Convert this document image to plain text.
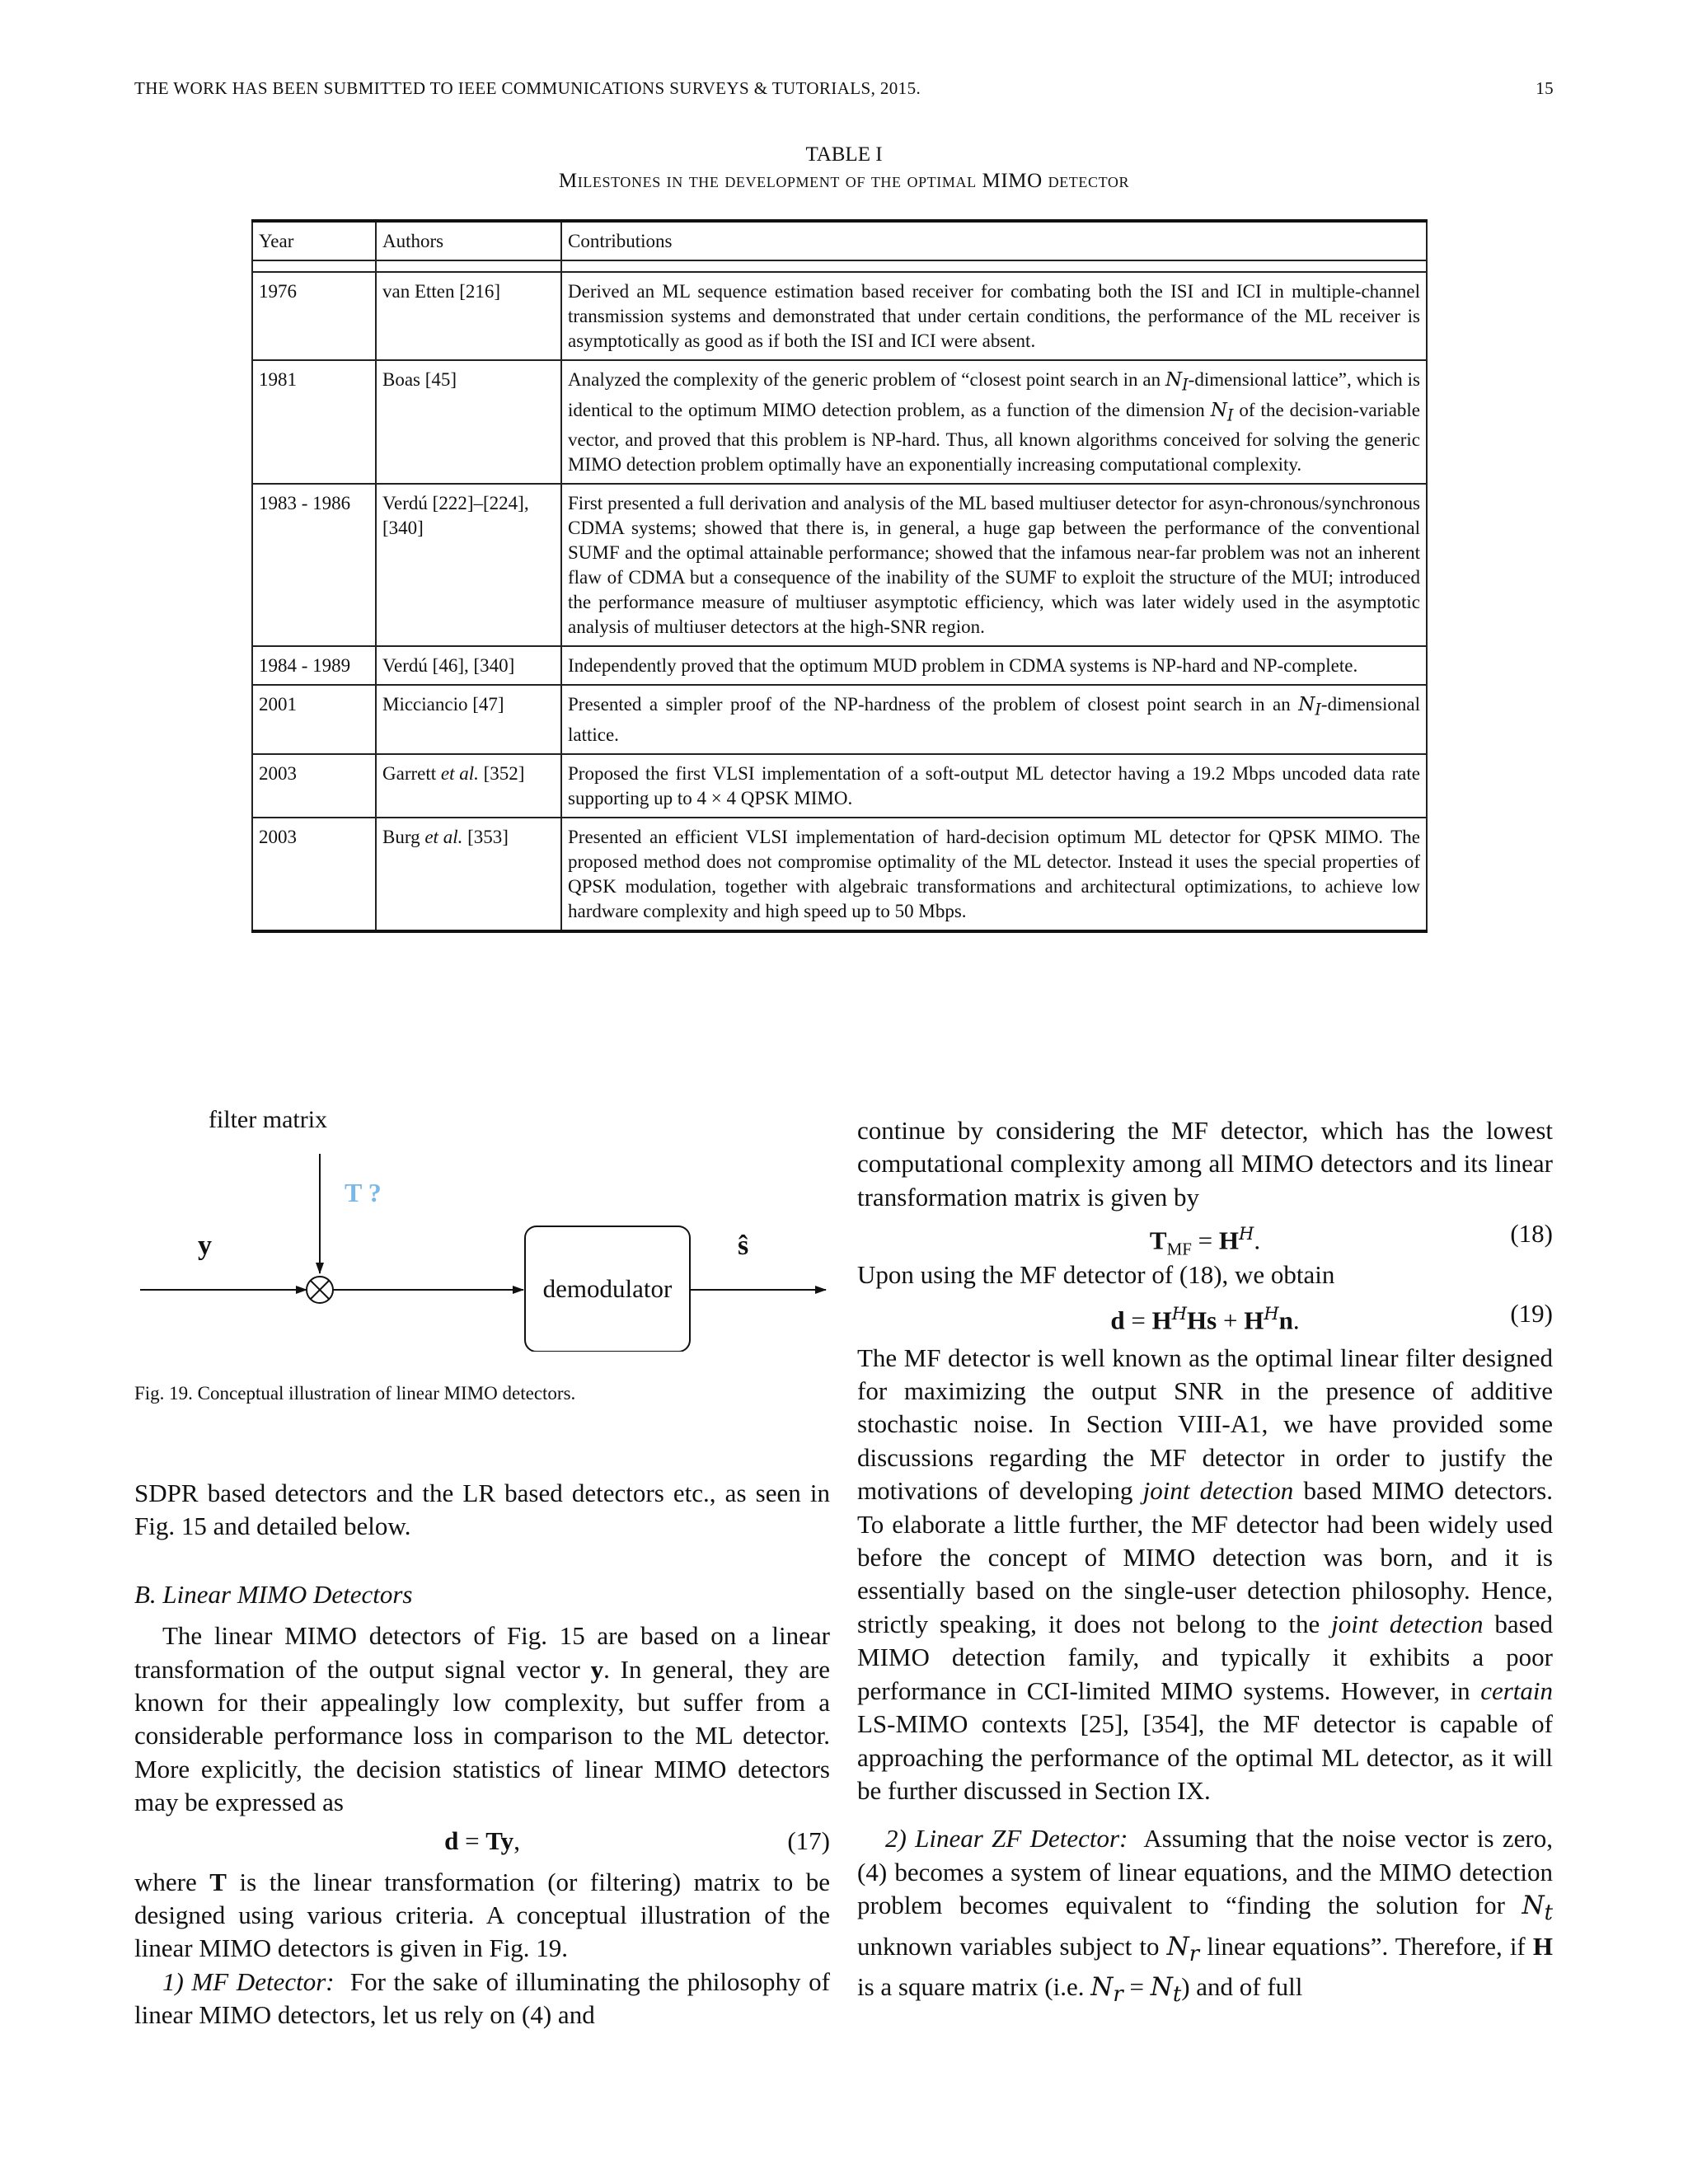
THE WORK HAS BEEN SUBMITTED TO IEEE COMMUNICATIONS SURVEYS & TUTORIALS, 2015.	15
TABLE I
Milestones in the development of the optimal MIMO detector
Year	Authors	Contributions

1976	van Etten [216]	Derived an ML sequence estimation based receiver for combating both the ISI and ICI in multiple-channel transmission systems and demonstrated that under certain conditions, the performance of the ML receiver is asymptotically as good as if both the ISI and ICI were absent.
1981	Boas [45]	Analyzed the complexity of the generic problem of “closest point search in an $N_I$-dimensional lattice”, which is identical to the optimum MIMO detection problem, as a function of the dimension $N_I$ of the decision-variable vector, and proved that this problem is NP-hard. Thus, all known algorithms conceived for solving the generic MIMO detection problem optimally have an exponentially increasing computational complexity.
1983 - 1986	Verdú [222]–[224], [340]	First presented a full derivation and analysis of the ML based multiuser detector for asyn-chronous/synchronous CDMA systems; showed that there is, in general, a huge gap between the performance of the conventional SUMF and the optimal attainable performance; showed that the infamous near-far problem was not an inherent flaw of CDMA but a consequence of the inability of the SUMF to exploit the structure of the MUI; introduced the performance measure of multiuser asymptotic efficiency, which was later widely used in the asymptotic analysis of multiuser detectors at the high-SNR region.
1984 - 1989	Verdú [46], [340]	Independently proved that the optimum MUD problem in CDMA systems is NP-hard and NP-complete.
2001	Micciancio [47]	Presented a simpler proof of the NP-hardness of the problem of closest point search in an $N_I$-dimensional lattice.
2003	Garrett et al. [352]	Proposed the first VLSI implementation of a soft-output ML detector having a 19.2 Mbps uncoded data rate supporting up to 4 × 4 QPSK MIMO.
2003	Burg et al. [353]	Presented an efficient VLSI implementation of hard-decision optimum ML detector for QPSK MIMO. The proposed method does not compromise optimality of the ML detector. Instead it uses the special properties of QPSK modulation, together with algebraic transformations and architectural optimizations, to achieve low hardware complexity and high speed up to 50 Mbps.
filter matrix
T ?
y
demodulator
ŝ
Fig. 19. Conceptual illustration of linear MIMO detectors.

SDPR based detectors and the LR based detectors etc., as seen in Fig. 15 and detailed below.

B. Linear MIMO Detectors

The linear MIMO detectors of Fig. 15 are based on a linear transformation of the output signal vector y. In general, they are known for their appealingly low complexity, but suffer from a considerable performance loss in comparison to the ML detector. More explicitly, the decision statistics of linear MIMO detectors may be expressed as

d = Ty,	(17)

where T is the linear transformation (or filtering) matrix to be designed using various criteria. A conceptual illustration of the linear MIMO detectors is given in Fig. 19.

1) MF Detector: For the sake of illuminating the philosophy of linear MIMO detectors, let us rely on (4) and

continue by considering the MF detector, which has the lowest computational complexity among all MIMO detectors and its linear transformation matrix is given by

$T_{MF} = H^H$.	(18)

Upon using the MF detector of (18), we obtain

$d = H^HHs + H^Hn$.	(19)

The MF detector is well known as the optimal linear filter designed for maximizing the output SNR in the presence of additive stochastic noise. In Section VIII-A1, we have provided some discussions regarding the MF detector in order to justify the motivations of developing joint detection based MIMO detectors. To elaborate a little further, the MF detector had been widely used before the concept of MIMO detection was born, and it is essentially based on the single-user detection philosophy. Hence, strictly speaking, it does not belong to the joint detection based MIMO detection family, and typically it exhibits a poor performance in CCI-limited MIMO systems. However, in certain LS-MIMO contexts [25], [354], the MF detector is capable of approaching the performance of the optimal ML detector, as it will be further discussed in Section IX.

2) Linear ZF Detector:  Assuming that the noise vector is zero, (4) becomes a system of linear equations, and the MIMO detection problem becomes equivalent to “finding the solution for $N_t$ unknown variables subject to $N_r$ linear equations”. Therefore, if H is a square matrix (i.e. $N_r = N_t$) and of full
